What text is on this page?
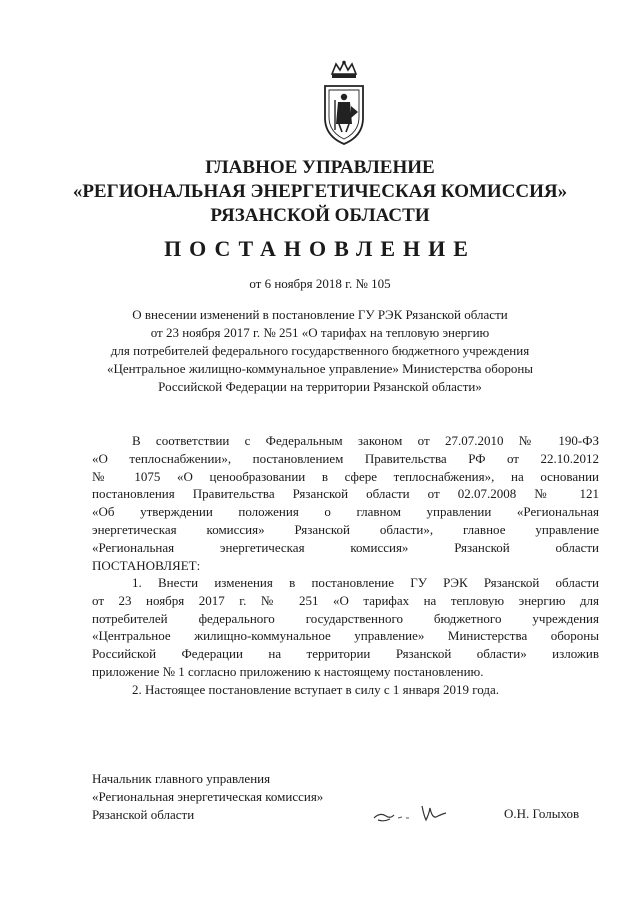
ГЛАВНОЕ УПРАВЛЕНИЕ
«РЕГИОНАЛЬНАЯ ЭНЕРГЕТИЧЕСКАЯ КОМИССИЯ»
РЯЗАНСКОЙ ОБЛАСТИ
ПОСТАНОВЛЕНИЕ
от 6 ноября 2018 г. № 105
О внесении изменений в постановление ГУ РЭК Рязанской области
от 23 ноября 2017 г. № 251 «О тарифах на тепловую энергию
для потребителей федерального государственного бюджетного учреждения
«Центральное жилищно-коммунальное управление» Министерства обороны
Российской Федерации на территории Рязанской области»
В соответствии с Федеральным законом от 27.07.2010 № 190-ФЗ
«О теплоснабжении», постановлением Правительства РФ от 22.10.2012
№ 1075 «О ценообразовании в сфере теплоснабжения», на основании
постановления Правительства Рязанской области от 02.07.2008 № 121
«Об утверждении положения о главном управлении «Региональная
энергетическая комиссия» Рязанской области», главное управление
«Региональная энергетическая комиссия» Рязанской области
ПОСТАНОВЛЯЕТ:
1. Внести изменения в постановление ГУ РЭК Рязанской области
от 23 ноября 2017 г. № 251 «О тарифах на тепловую энергию для
потребителей федерального государственного бюджетного учреждения
«Центральное жилищно-коммунальное управление» Министерства обороны
Российской Федерации на территории Рязанской области» изложив
приложение № 1 согласно приложению к настоящему постановлению.
2. Настоящее постановление вступает в силу с 1 января 2019 года.
Начальник главного управления
«Региональная энергетическая комиссия»
Рязанской области	О.Н. Голыхов
